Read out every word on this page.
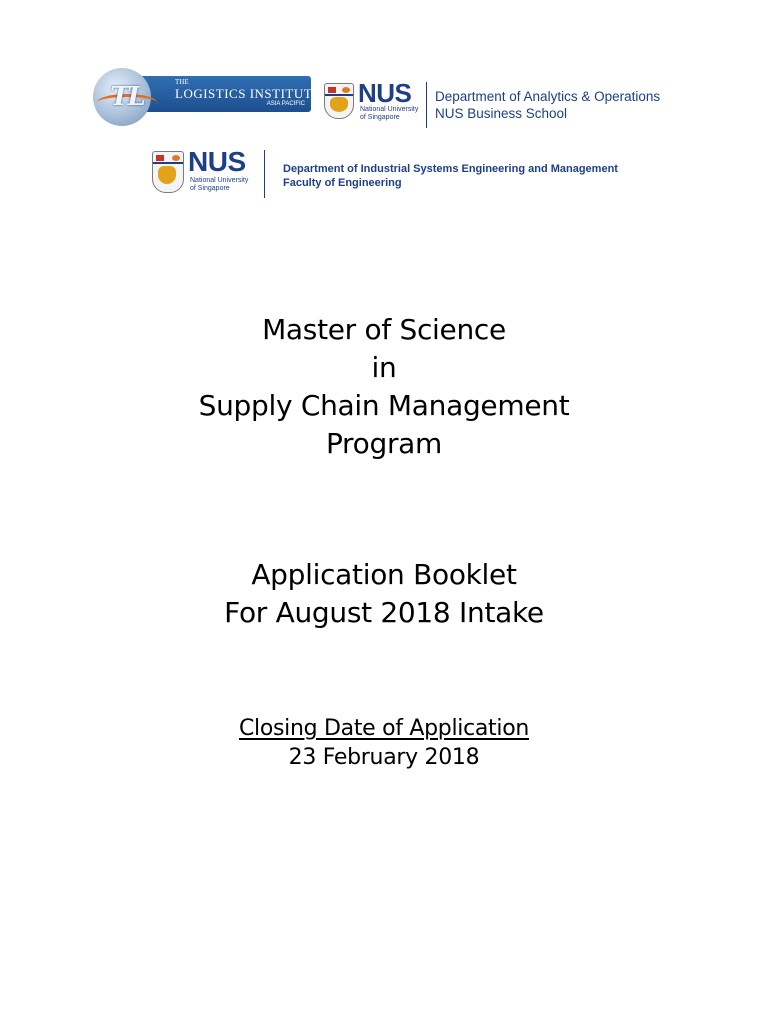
TL	THE
LOGISTICS INSTITUTE
ASIA PACIFIC NUS
National University
of Singapore
Department of Analytics & Operations
NUS Business School
NUS
National University
of Singapore
Department of Industrial Systems Engineering and Management
Faculty of Engineering
Master of Science
in
Supply Chain Management
Program
Application Booklet
For August 2018 Intake
Closing Date of Application
23 February 2018
